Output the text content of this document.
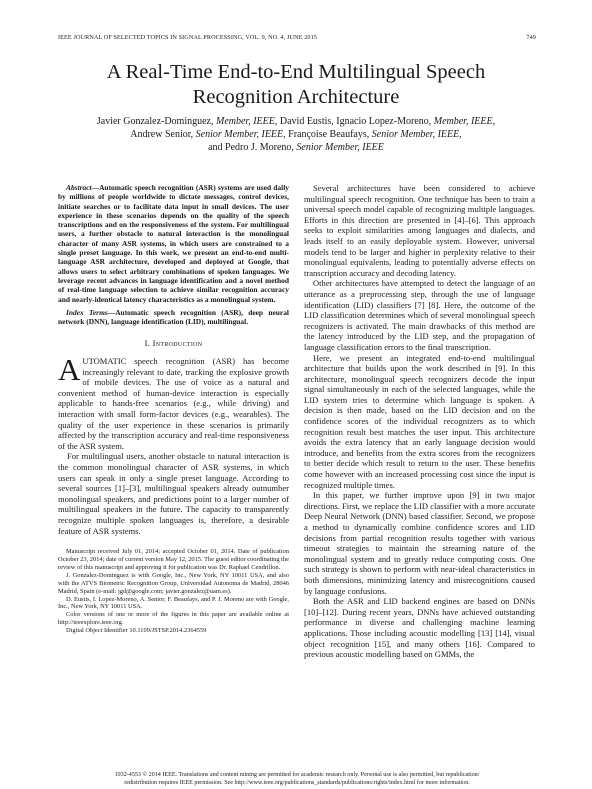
IEEE JOURNAL OF SELECTED TOPICS IN SIGNAL PROCESSING, VOL. 9, NO. 4, JUNE 2015	749
A Real-Time End-to-End Multilingual Speech
Recognition Architecture
Javier Gonzalez-Dominguez, Member, IEEE, David Eustis, Ignacio Lopez-Moreno, Member, IEEE,
Andrew Senior, Senior Member, IEEE, Françoise Beaufays, Senior Member, IEEE,
and Pedro J. Moreno, Senior Member, IEEE

Abstract—Automatic speech recognition (ASR) systems are used daily by millions of people worldwide to dictate messages, control devices, initiate searches or to facilitate data input in small devices. The user experience in these scenarios depends on the quality of the speech transcriptions and on the responsiveness of the system. For multilingual users, a further obstacle to natural interaction is the monolingual character of many ASR systems, in which users are constrained to a single preset language. In this work, we present an end-to-end multi-language ASR architecture, developed and deployed at Google, that allows users to select arbitrary combinations of spoken languages. We leverage recent advances in language identification and a novel method of real-time language selection to achieve similar recognition accuracy and nearly-identical latency characteristics as a monolingual system.

Index Terms—Automatic speech recognition (ASR), deep neural network (DNN), language identification (LID), multilingual.

I. Introduction

AUTOMATIC speech recognition (ASR) has become increasingly relevant to date, tracking the explosive growth of mobile devices. The use of voice as a natural and convenient method of human-device interaction is especially applicable to hands-free scenarios (e.g., while driving) and interaction with small form-factor devices (e.g., wearables). The quality of the user experience in these scenarios is primarily affected by the transcription accuracy and real-time responsiveness of the ASR system.

For multilingual users, another obstacle to natural interaction is the common monolingual character of ASR systems, in which users can speak in only a single preset language. According to several sources [1]–[3], multilingual speakers already outnumber monolingual speakers, and predictions point to a larger number of multilingual speakers in the future. The capacity to transparently recognize multiple spoken languages is, therefore, a desirable feature of ASR systems.

Manuscript received July 01, 2014; accepted October 01, 2014. Date of publication October 23, 2014; date of current version May 12, 2015. The guest editor coordinating the review of this manuscript and approving it for publication was Dr. Raphael Cendrillon.

J. Gonzalez-Dominguez is with Google, Inc., New York, NY 10011 USA, and also with the ATVS Biometric Recognition Group, Universidad Autonoma de Madrid, 28046 Madrid, Spain (e-mail: jgd@google.com; javier.gonzalez@uam.es).

D. Eustis, I. Lopez-Moreno, A. Senior, F. Beaufays, and P. J. Moreno are with Google, Inc., New York, NY 10011 USA.

Color versions of one or more of the figures in this paper are available online at http://ieeexplore.ieee.org.

Digital Object Identifier 10.1109/JSTSP.2014.2364559

Several architectures have been considered to achieve multilingual speech recognition. One technique has been to train a universal speech model capable of recognizing multiple languages. Efforts in this direction are presented in [4]–[6]. This approach seeks to exploit similarities among languages and dialects, and leads itself to an easily deployable system. However, universal models tend to be larger and higher in perplexity relative to their monolingual equivalents, leading to potentially adverse effects on transcription accuracy and decoding latency.

Other architectures have attempted to detect the language of an utterance as a preprocessing step, through the use of language identification (LID) classifiers [7] [8]. Here, the outcome of the LID classification determines which of several monolingual speech recognizers is activated. The main drawbacks of this method are the latency introduced by the LID step, and the propagation of language classification errors to the final transcription.

Here, we present an integrated end-to-end multilingual architecture that builds upon the work described in [9]. In this architecture, monolingual speech recognizers decode the input signal simultaneously in each of the selected languages, while the LID system tries to determine which language is spoken. A decision is then made, based on the LID decision and on the confidence scores of the individual recognizers as to which recognition result best matches the user input. This architecture avoids the extra latency that an early language decision would introduce, and benefits from the extra scores from the recognizers to better decide which result to return to the user. These benefits come however with an increased processing cost since the input is recognized multiple times.

In this paper, we further improve upon [9] in two major directions. First, we replace the LID classifier with a more accurate Deep Neural Network (DNN) based classifier. Second, we propose a method to dynamically combine confidence scores and LID decisions from partial recognition results together with various timeout strategies to maintain the streaming nature of the monolingual system and to greatly reduce computing costs. One such strategy is shown to perform with near-ideal characteristics in both dimensions, minimizing latency and misrecognitions caused by language confusions.

Both the ASR and LID backend engines are based on DNNs [10]–[12]. During recent years, DNNs have achieved outstanding performance in diverse and challenging machine learning applications. Those including acoustic modelling [13] [14], visual object recognition [15], and many others [16]. Compared to previous acoustic modelling based on GMMs, the

1932-4553 © 2014 IEEE. Translations and content mining are permitted for academic research only. Personal use is also permitted, but republication/
redistribution requires IEEE permission. See http://www.ieee.org/publications_standards/publications/rights/index.html for more information.
